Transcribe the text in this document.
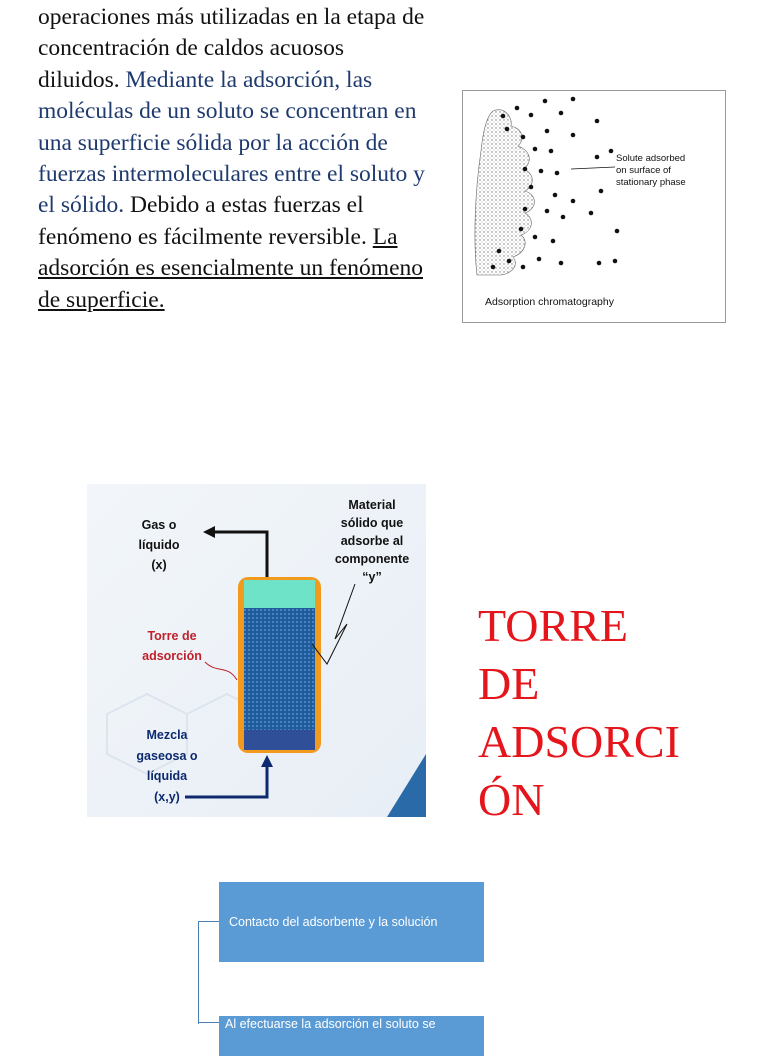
operaciones más utilizadas en la etapa de concentración de caldos acuosos diluidos. Mediante la adsorción, las moléculas de un soluto se concentran en una superficie sólida por la acción de fuerzas intermoleculares entre el soluto y el sólido. Debido a estas fuerzas el fenómeno es fácilmente reversible. La adsorción es esencialmente un fenómeno de superficie.
Solute adsorbed
on surface of
stationary phase
Adsorption chromatography
Gas o
líquido
(x)
Material
sólido que
adsorbe al
componente
“y”
Torre de
adsorción
Mezcla
gaseosa o
líquida
(x,y)
TORRE
DE
ADSORCI
ÓN
Contacto del adsorbente y la solución
Al efectuarse la adsorción el soluto se
